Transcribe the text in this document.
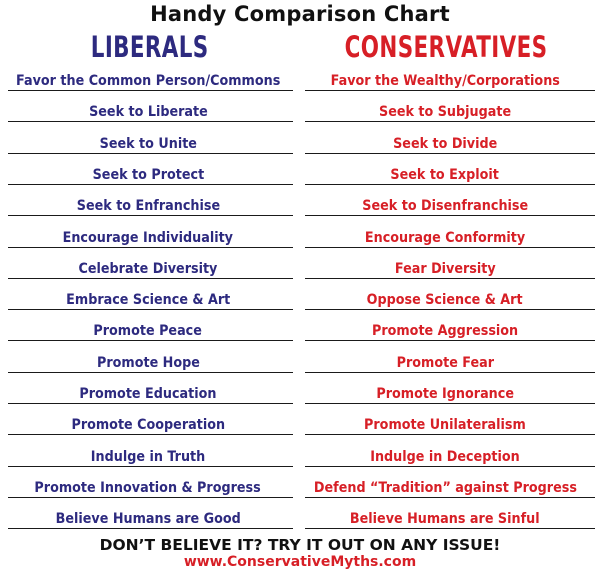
Handy Comparison Chart
LIBERALS	CONSERVATIVES
Favor the Common Person/Commons	Favor the Wealthy/Corporations
Seek to Liberate	Seek to Subjugate
Seek to Unite	Seek to Divide
Seek to Protect	Seek to Exploit
Seek to Enfranchise	Seek to Disenfranchise
Encourage Individuality	Encourage Conformity
Celebrate Diversity	Fear Diversity
Embrace Science & Art	Oppose Science & Art
Promote Peace	Promote Aggression
Promote Hope	Promote Fear
Promote Education	Promote Ignorance
Promote Cooperation	Promote Unilateralism
Indulge in Truth	Indulge in Deception
Promote Innovation & Progress	Defend “Tradition” against Progress
Believe Humans are Good	Believe Humans are Sinful
DON’T BELIEVE IT? TRY IT OUT ON ANY ISSUE!
www.ConservativeMyths.com
